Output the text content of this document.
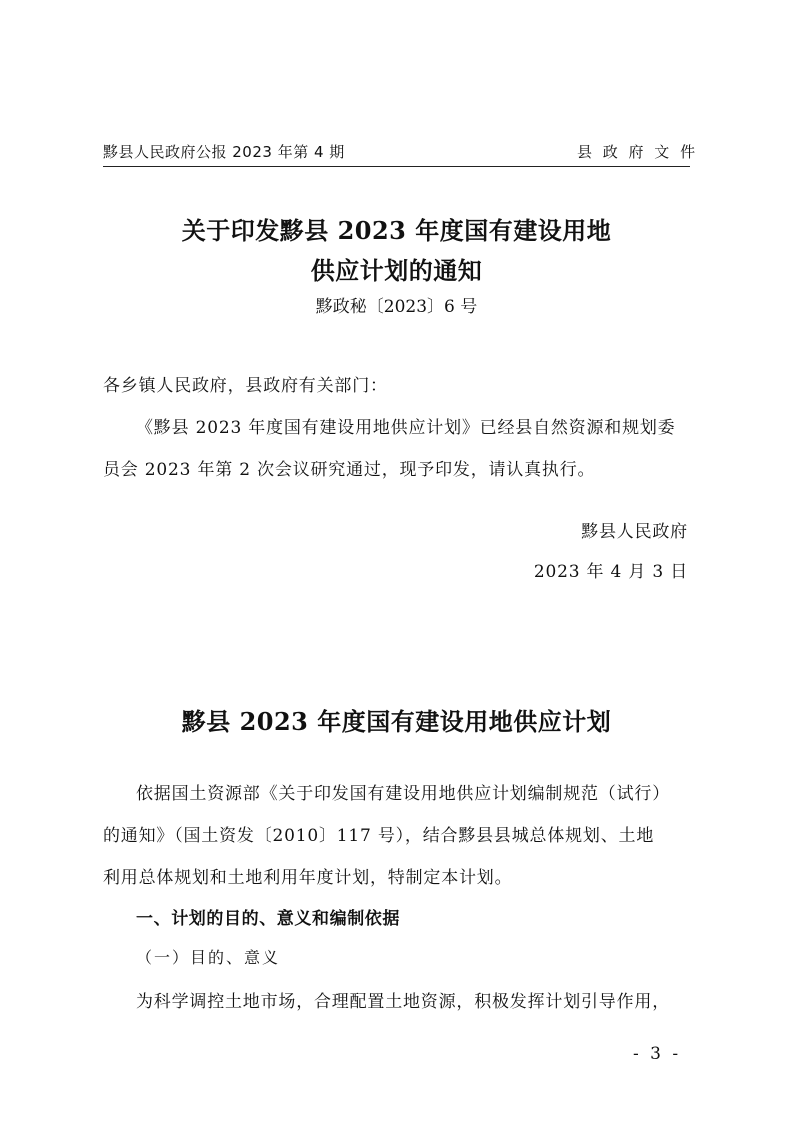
黟县人民政府公报 2023 年第 4 期	县 政 府 文 件
关于印发黟县 2023 年度国有建设用地
供应计划的通知
黟政秘〔2023〕6 号
各乡镇人民政府，县政府有关部门：
《黟县 2023 年度国有建设用地供应计划》已经县自然资源和规划委
员会 2023 年第 2 次会议研究通过，现予印发，请认真执行。
黟县人民政府
2023 年 4 月 3 日
黟县 2023 年度国有建设用地供应计划
依据国土资源部《关于印发国有建设用地供应计划编制规范（试行）
的通知》（国土资发〔2010〕117 号），结合黟县县城总体规划、土地
利用总体规划和土地利用年度计划，特制定本计划。
一、计划的目的、意义和编制依据
（一）目的、意义
为科学调控土地市场，合理配置土地资源，积极发挥计划引导作用，
- 3 -
